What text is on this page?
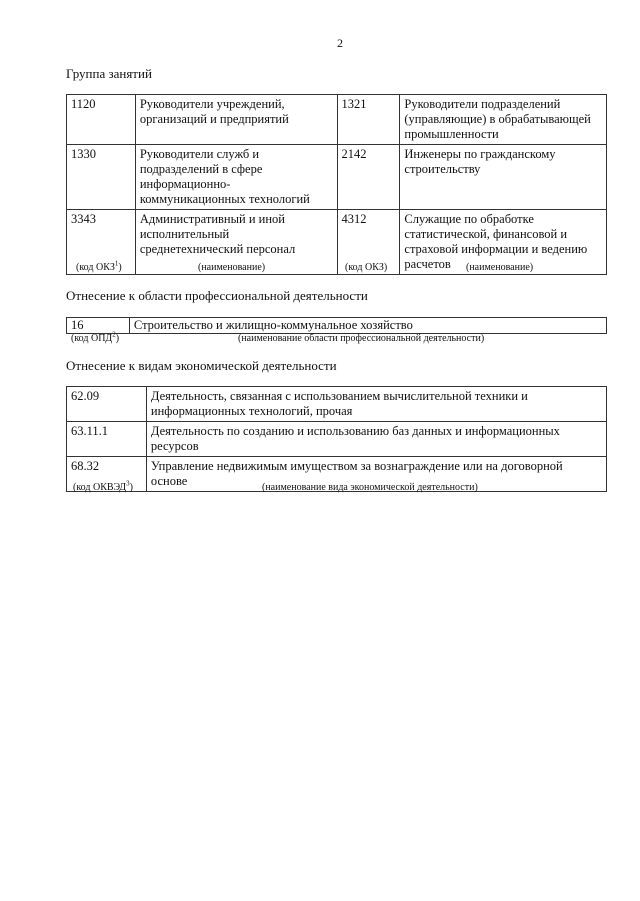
2
Группа занятий
1120	Руководители учреждений, организаций и предприятий	1321	Руководители подразделений (управляющие) в обрабатывающей промышленности
1330	Руководители служб и подразделений в сфере информационно-коммуникационных технологий	2142	Инженеры по гражданскому строительству
3343	Административный и иной исполнительный среднетехнический персонал	4312	Служащие по обработке статистической, финансовой и страховой информации и ведению расчетов
(код ОКЗ$^1$)	(наименование)	(код ОКЗ)	(наименование)
Отнесение к области профессиональной деятельности
16	Строительство и жилищно-коммунальное хозяйство
(код ОПД$^2$)	(наименование области профессиональной деятельности)
Отнесение к видам экономической деятельности
62.09	Деятельность, связанная с использованием вычислительной техники и информационных технологий, прочая
63.11.1	Деятельность по созданию и использованию баз данных и информационных ресурсов
68.32	Управление недвижимым имуществом за вознаграждение или на договорной основе
(код ОКВЭД$^3$)	(наименование вида экономической деятельности)
